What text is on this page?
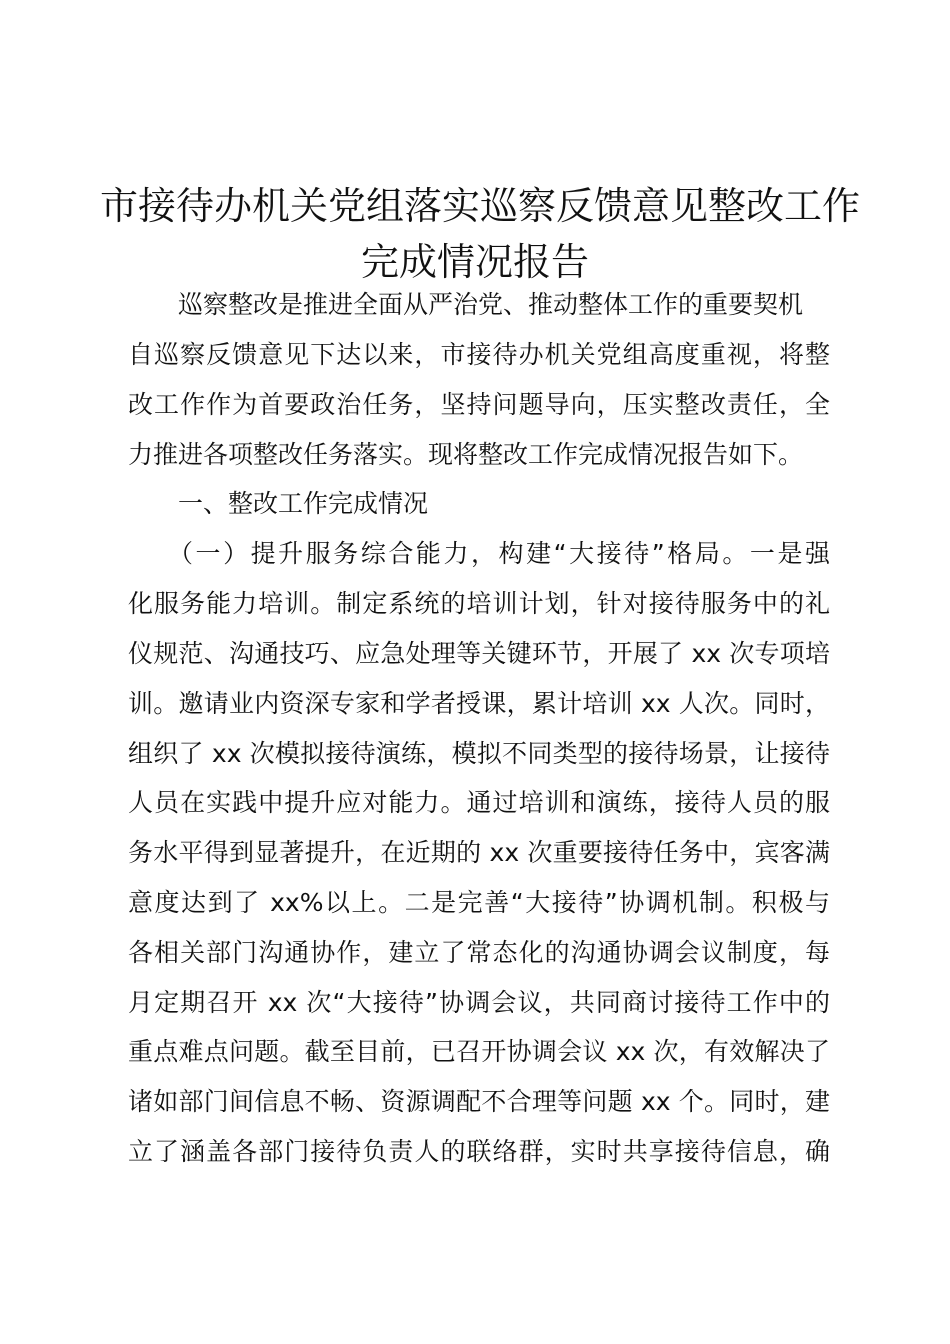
市接待办机关党组落实巡察反馈意见整改工作
完成情况报告
巡察整改是推进全面从严治党、推动整体工作的重要契机
自巡察反馈意见下达以来，市接待办机关党组高度重视，将整
改工作作为首要政治任务，坚持问题导向，压实整改责任，全
力推进各项整改任务落实。现将整改工作完成情况报告如下。
一、整改工作完成情况
（一）提升服务综合能力，构建“大接待”格局。一是强
化服务能力培训。制定系统的培训计划，针对接待服务中的礼
仪规范、沟通技巧、应急处理等关键环节，开展了 xx 次专项培
训。邀请业内资深专家和学者授课，累计培训 xx 人次。同时，
组织了 xx 次模拟接待演练，模拟不同类型的接待场景，让接待
人员在实践中提升应对能力。通过培训和演练，接待人员的服
务水平得到显著提升，在近期的 xx 次重要接待任务中，宾客满
意度达到了 xx%以上。二是完善“大接待”协调机制。积极与
各相关部门沟通协作，建立了常态化的沟通协调会议制度，每
月定期召开 xx 次“大接待”协调会议，共同商讨接待工作中的
重点难点问题。截至目前，已召开协调会议 xx 次，有效解决了
诸如部门间信息不畅、资源调配不合理等问题 xx 个。同时，建
立了涵盖各部门接待负责人的联络群，实时共享接待信息，确
